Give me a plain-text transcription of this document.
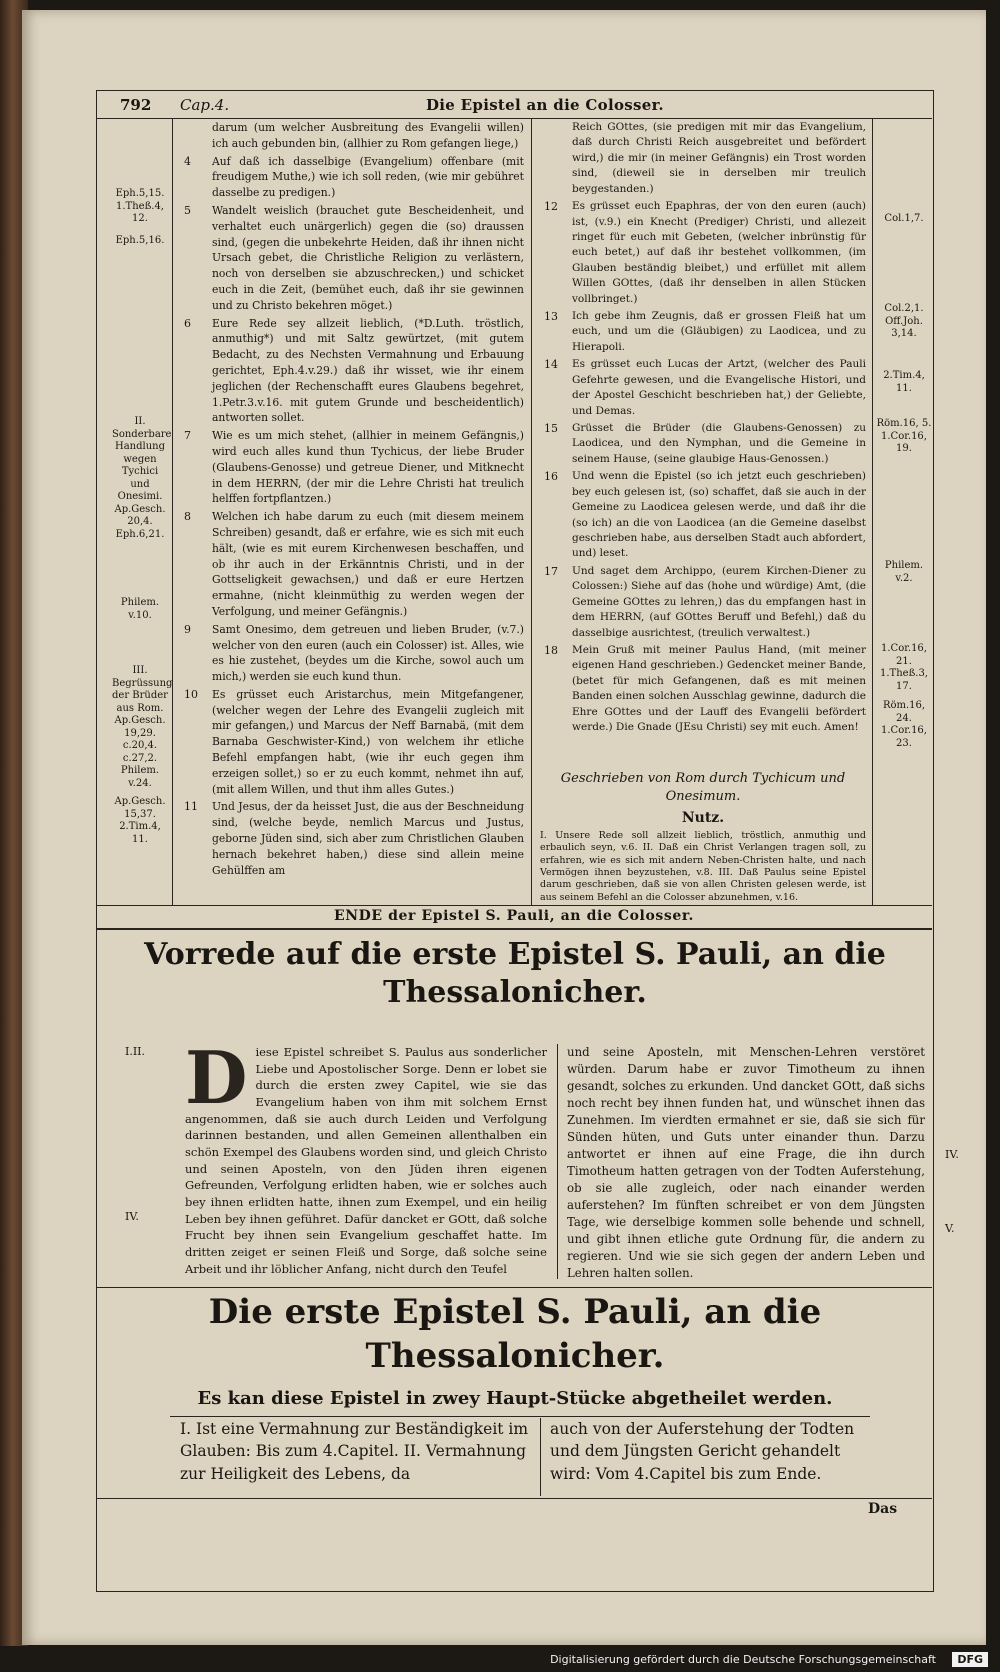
792 Cap.4.	Die Epistel an die Colosser.
darum (um welcher Ausbreitung des Evangelii willen) ich auch gebunden bin, (allhier zu Rom gefangen liege,)
4 Auf daß ich dasselbige (Evangelium) offenbare (mit freudigem Muthe,) wie ich soll reden, (wie mir gebühret dasselbe zu predigen.)
5 Wandelt weislich (brauchet gute Bescheidenheit, und verhaltet euch unärgerlich) gegen die (so) draussen sind, (gegen die unbekehrte Heiden, daß ihr ihnen nicht Ursach gebet, die Christliche Religion zu verlästern, noch von derselben sie abzuschrecken,) und schicket euch in die Zeit, (bemühet euch, daß ihr sie gewinnen und zu Christo bekehren möget.)
6 Eure Rede sey allzeit lieblich, (*D.Luth. tröstlich, anmuthig*) und mit Saltz gewürtzet, (mit gutem Bedacht, zu des Nechsten Vermahnung und Erbauung gerichtet, Eph.4.v.29.) daß ihr wisset, wie ihr einem jeglichen (der Rechenschafft eures Glaubens begehret, 1.Petr.3.v.16. mit gutem Grunde und bescheidentlich) antworten sollet.
7 Wie es um mich stehet, (allhier in meinem Gefängnis,) wird euch alles kund thun Tychicus, der liebe Bruder (Glaubens-Genosse) und getreue Diener, und Mitknecht in dem HERRN, (der mir die Lehre Christi hat treulich helffen fortpflantzen.)
8 Welchen ich habe darum zu euch (mit diesem meinem Schreiben) gesandt, daß er erfahre, wie es sich mit euch hält, (wie es mit eurem Kirchenwesen beschaffen, und ob ihr auch in der Erkänntnis Christi, und in der Gottseligkeit gewachsen,) und daß er eure Hertzen ermahne, (nicht kleinmüthig zu werden wegen der Verfolgung, und meiner Gefängnis.)
9 Samt Onesimo, dem getreuen und lieben Bruder, (v.7.) welcher von den euren (auch ein Colosser) ist. Alles, wie es hie zustehet, (beydes um die Kirche, sowol auch um mich,) werden sie euch kund thun.
10 Es grüsset euch Aristarchus, mein Mitgefangener, (welcher wegen der Lehre des Evangelii zugleich mit mir gefangen,) und Marcus der Neff Barnabä, (mit dem Barnaba Geschwister-Kind,) von welchem ihr etliche Befehl empfangen habt, (wie ihr euch gegen ihm erzeigen sollet,) so er zu euch kommt, nehmet ihn auf, (mit allem Willen, und thut ihm alles Gutes.)
11 Und Jesus, der da heisset Just, die aus der Beschneidung sind, (welche beyde, nemlich Marcus und Justus, geborne Jüden sind, sich aber zum Christlichen Glauben hernach bekehret haben,) diese sind allein meine Gehülffen am
Reich GOttes, (sie predigen mit mir das Evangelium, daß durch Christi Reich ausgebreitet und befördert wird,) die mir (in meiner Gefängnis) ein Trost worden sind, (dieweil sie in derselben mir treulich beygestanden.)
12 Es grüsset euch Epaphras, der von den euren (auch) ist, (v.9.) ein Knecht (Prediger) Christi, und allezeit ringet für euch mit Gebeten, (welcher inbrünstig für euch betet,) auf daß ihr bestehet vollkommen, (im Glauben beständig bleibet,) und erfüllet mit allem Willen GOttes, (daß ihr denselben in allen Stücken vollbringet.)
13 Ich gebe ihm Zeugnis, daß er grossen Fleiß hat um euch, und um die (Gläubigen) zu Laodicea, und zu Hierapoli.
14 Es grüsset euch Lucas der Artzt, (welcher des Pauli Gefehrte gewesen, und die Evangelische Histori, und der Apostel Geschicht beschrieben hat,) der Geliebte, und Demas.
15 Grüsset die Brüder (die Glaubens-Genossen) zu Laodicea, und den Nymphan, und die Gemeine in seinem Hause, (seine glaubige Haus-Genossen.)
16 Und wenn die Epistel (so ich jetzt euch geschrieben) bey euch gelesen ist, (so) schaffet, daß sie auch in der Gemeine zu Laodicea gelesen werde, und daß ihr die (so ich) an die von Laodicea (an die Gemeine daselbst geschrieben habe, aus derselben Stadt auch abfordert, und) leset.
17 Und saget dem Archippo, (eurem Kirchen-Diener zu Colossen:) Siehe auf das (hohe und würdige) Amt, (die Gemeine GOttes zu lehren,) das du empfangen hast in dem HERRN, (auf GOttes Beruff und Befehl,) daß du dasselbige ausrichtest, (treulich verwaltest.)
18 Mein Gruß mit meiner Paulus Hand, (mit meiner eigenen Hand geschrieben.) Gedencket meiner Bande, (betet für mich Gefangenen, daß es mit meinen Banden einen solchen Ausschlag gewinne, dadurch die Ehre GOttes und der Lauff des Evangelii befördert werde.) Die Gnade (JEsu Christi) sey mit euch. Amen!
Geschrieben von Rom durch Tychicum und Onesimum.
Nutz.
I. Unsere Rede soll allzeit lieblich, tröstlich, anmuthig und erbaulich seyn, v.6. II. Daß ein Christ Verlangen tragen soll, zu erfahren, wie es sich mit andern Neben-Christen halte, und nach Vermögen ihnen beyzustehen, v.8. III. Daß Paulus seine Epistel darum geschrieben, daß sie von allen Christen gelesen werde, ist aus seinem Befehl an die Colosser abzunehmen, v.16.
Eph.5,15. 1.Theß.4, 12.
Eph.5,16.
II. Sonderbare Handlung wegen Tychici und Onesimi. Ap.Gesch. 20,4. Eph.6,21.
Philem. v.10.
III. Begrüssung der Brüder aus Rom. Ap.Gesch. 19,29. c.20,4. c.27,2. Philem. v.24.
Ap.Gesch. 15,37. 2.Tim.4, 11.
Col.1,7.
Col.2,1. Off.Joh. 3,14.
2.Tim.4, 11.
Röm.16, 5. 1.Cor.16, 19.
Philem. v.2.
1.Cor.16, 21. 1.Theß.3, 17.
Röm.16, 24. 1.Cor.16, 23.
ENDE der Epistel S. Pauli, an die Colosser.
Vorrede auf die erste Epistel S. Pauli, an die
Thessalonicher.
I.II.
IV.
IV.
V.
Diese Epistel schreibet S. Paulus aus sonderlicher Liebe und Apostolischer Sorge. Denn er lobet sie durch die ersten zwey Capitel, wie sie das Evangelium haben von ihm mit solchem Ernst angenommen, daß sie auch durch Leiden und Verfolgung darinnen bestanden, und allen Gemeinen allenthalben ein schön Exempel des Glaubens worden sind, und gleich Christo und seinen Aposteln, von den Jüden ihren eigenen Gefreunden, Verfolgung erlidten haben, wie er solches auch bey ihnen erlidten hatte, ihnen zum Exempel, und ein heilig Leben bey ihnen geführet. Dafür dancket er GOtt, daß solche Frucht bey ihnen sein Evangelium geschaffet hatte. Im dritten zeiget er seinen Fleiß und Sorge, daß solche seine Arbeit und ihr löblicher Anfang, nicht durch den Teufel
und seine Aposteln, mit Menschen-Lehren verstöret würden. Darum habe er zuvor Timotheum zu ihnen gesandt, solches zu erkunden. Und dancket GOtt, daß sichs noch recht bey ihnen funden hat, und wünschet ihnen das Zunehmen. Im vierdten ermahnet er sie, daß sie sich für Sünden hüten, und Guts unter einander thun. Darzu antwortet er ihnen auf eine Frage, die ihn durch Timotheum hatten getragen von der Todten Auferstehung, ob sie alle zugleich, oder nach einander werden auferstehen? Im fünften schreibet er von dem Jüngsten Tage, wie derselbige kommen solle behende und schnell, und gibt ihnen etliche gute Ordnung für, die andern zu regieren. Und wie sie sich gegen der andern Leben und Lehren halten sollen.
Die erste Epistel S. Pauli, an die
Thessalonicher.
Es kan diese Epistel in zwey Haupt-Stücke abgetheilet werden.
I. Ist eine Vermahnung zur Beständigkeit im Glauben: Bis zum 4.Capitel. II. Vermahnung zur Heiligkeit des Lebens, da
auch von der Auferstehung der Todten und dem Jüngsten Gericht gehandelt wird: Vom 4.Capitel bis zum Ende.
Das
Digitalisierung gefördert durch die Deutsche Forschungsgemeinschaft	DFG
